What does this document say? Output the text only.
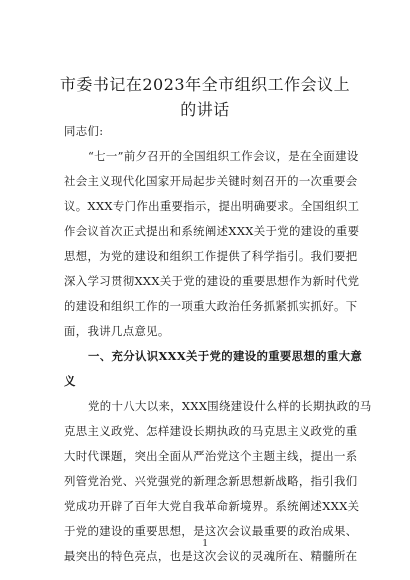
市委书记在2023年全市组织工作会议上
的讲话
同志们:
“七一”前夕召开的全国组织工作会议，是在全面建设
社会主义现代化国家开局起步关键时刻召开的一次重要会
议。XXX专门作出重要指示，提出明确要求。全国组织工
作会议首次正式提出和系统阐述XXX关于党的建设的重要
思想，为党的建设和组织工作提供了科学指引。我们要把
深入学习贯彻XXX关于党的建设的重要思想作为新时代党
的建设和组织工作的一项重大政治任务抓紧抓实抓好。下
面，我讲几点意见。
一、充分认识XXX关于党的建设的重要思想的重大意
义
党的十八大以来，XXX围绕建设什么样的长期执政的马
克思主义政党、怎样建设长期执政的马克思主义政党的重
大时代课题，突出全面从严治党这个主题主线，提出一系
列管党治党、兴党强党的新理念新思想新战略，指引我们
党成功开辟了百年大党自我革命新境界。系统阐述XXX关
于党的建设的重要思想，是这次会议最重要的政治成果、
最突出的特色亮点，也是这次会议的灵魂所在、精髓所在
1
